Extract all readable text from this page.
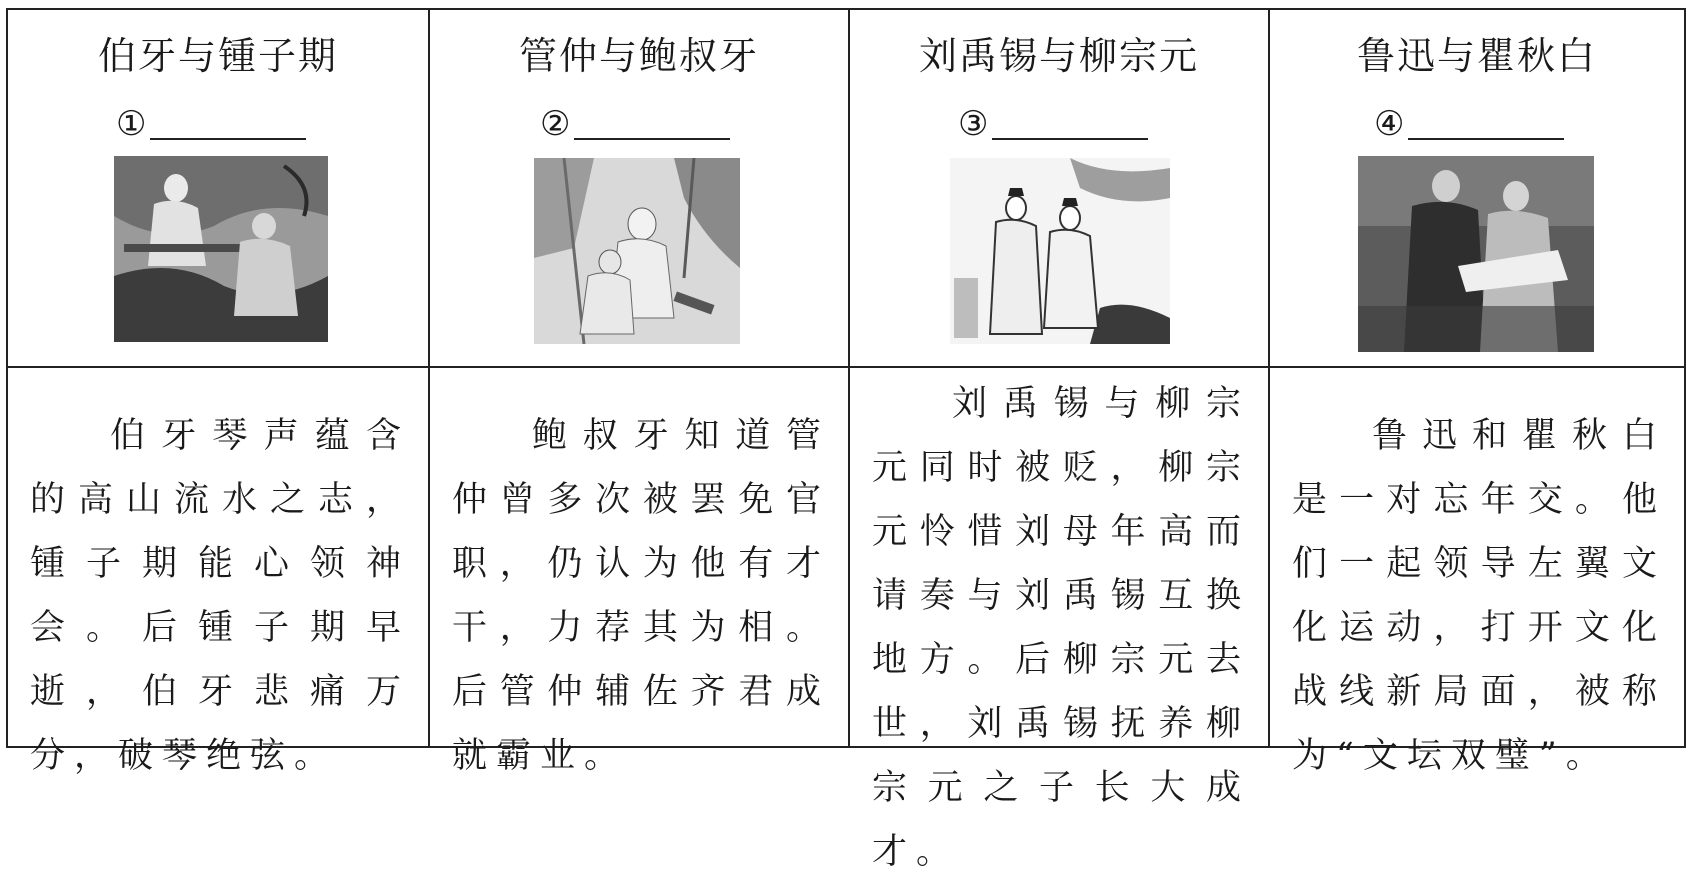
伯牙与锺子期
①
管仲与鲍叔牙
②
刘禹锡与柳宗元
③
鲁迅与瞿秋白
④
伯牙琴声蕴含的高山流水之志，锺子期能心领神会。后锺子期早逝，伯牙悲痛万分，破琴绝弦。
鲍叔牙知道管仲曾多次被罢免官职，仍认为他有才干，力荐其为相。后管仲辅佐齐君成就霸业。
刘禹锡与柳宗元同时被贬，柳宗元怜惜刘母年高而请奏与刘禹锡互换地方。后柳宗元去世，刘禹锡抚养柳宗元之子长大成才。
鲁迅和瞿秋白是一对忘年交。他们一起领导左翼文化运动，打开文化战线新局面，被称为“文坛双璧”。
